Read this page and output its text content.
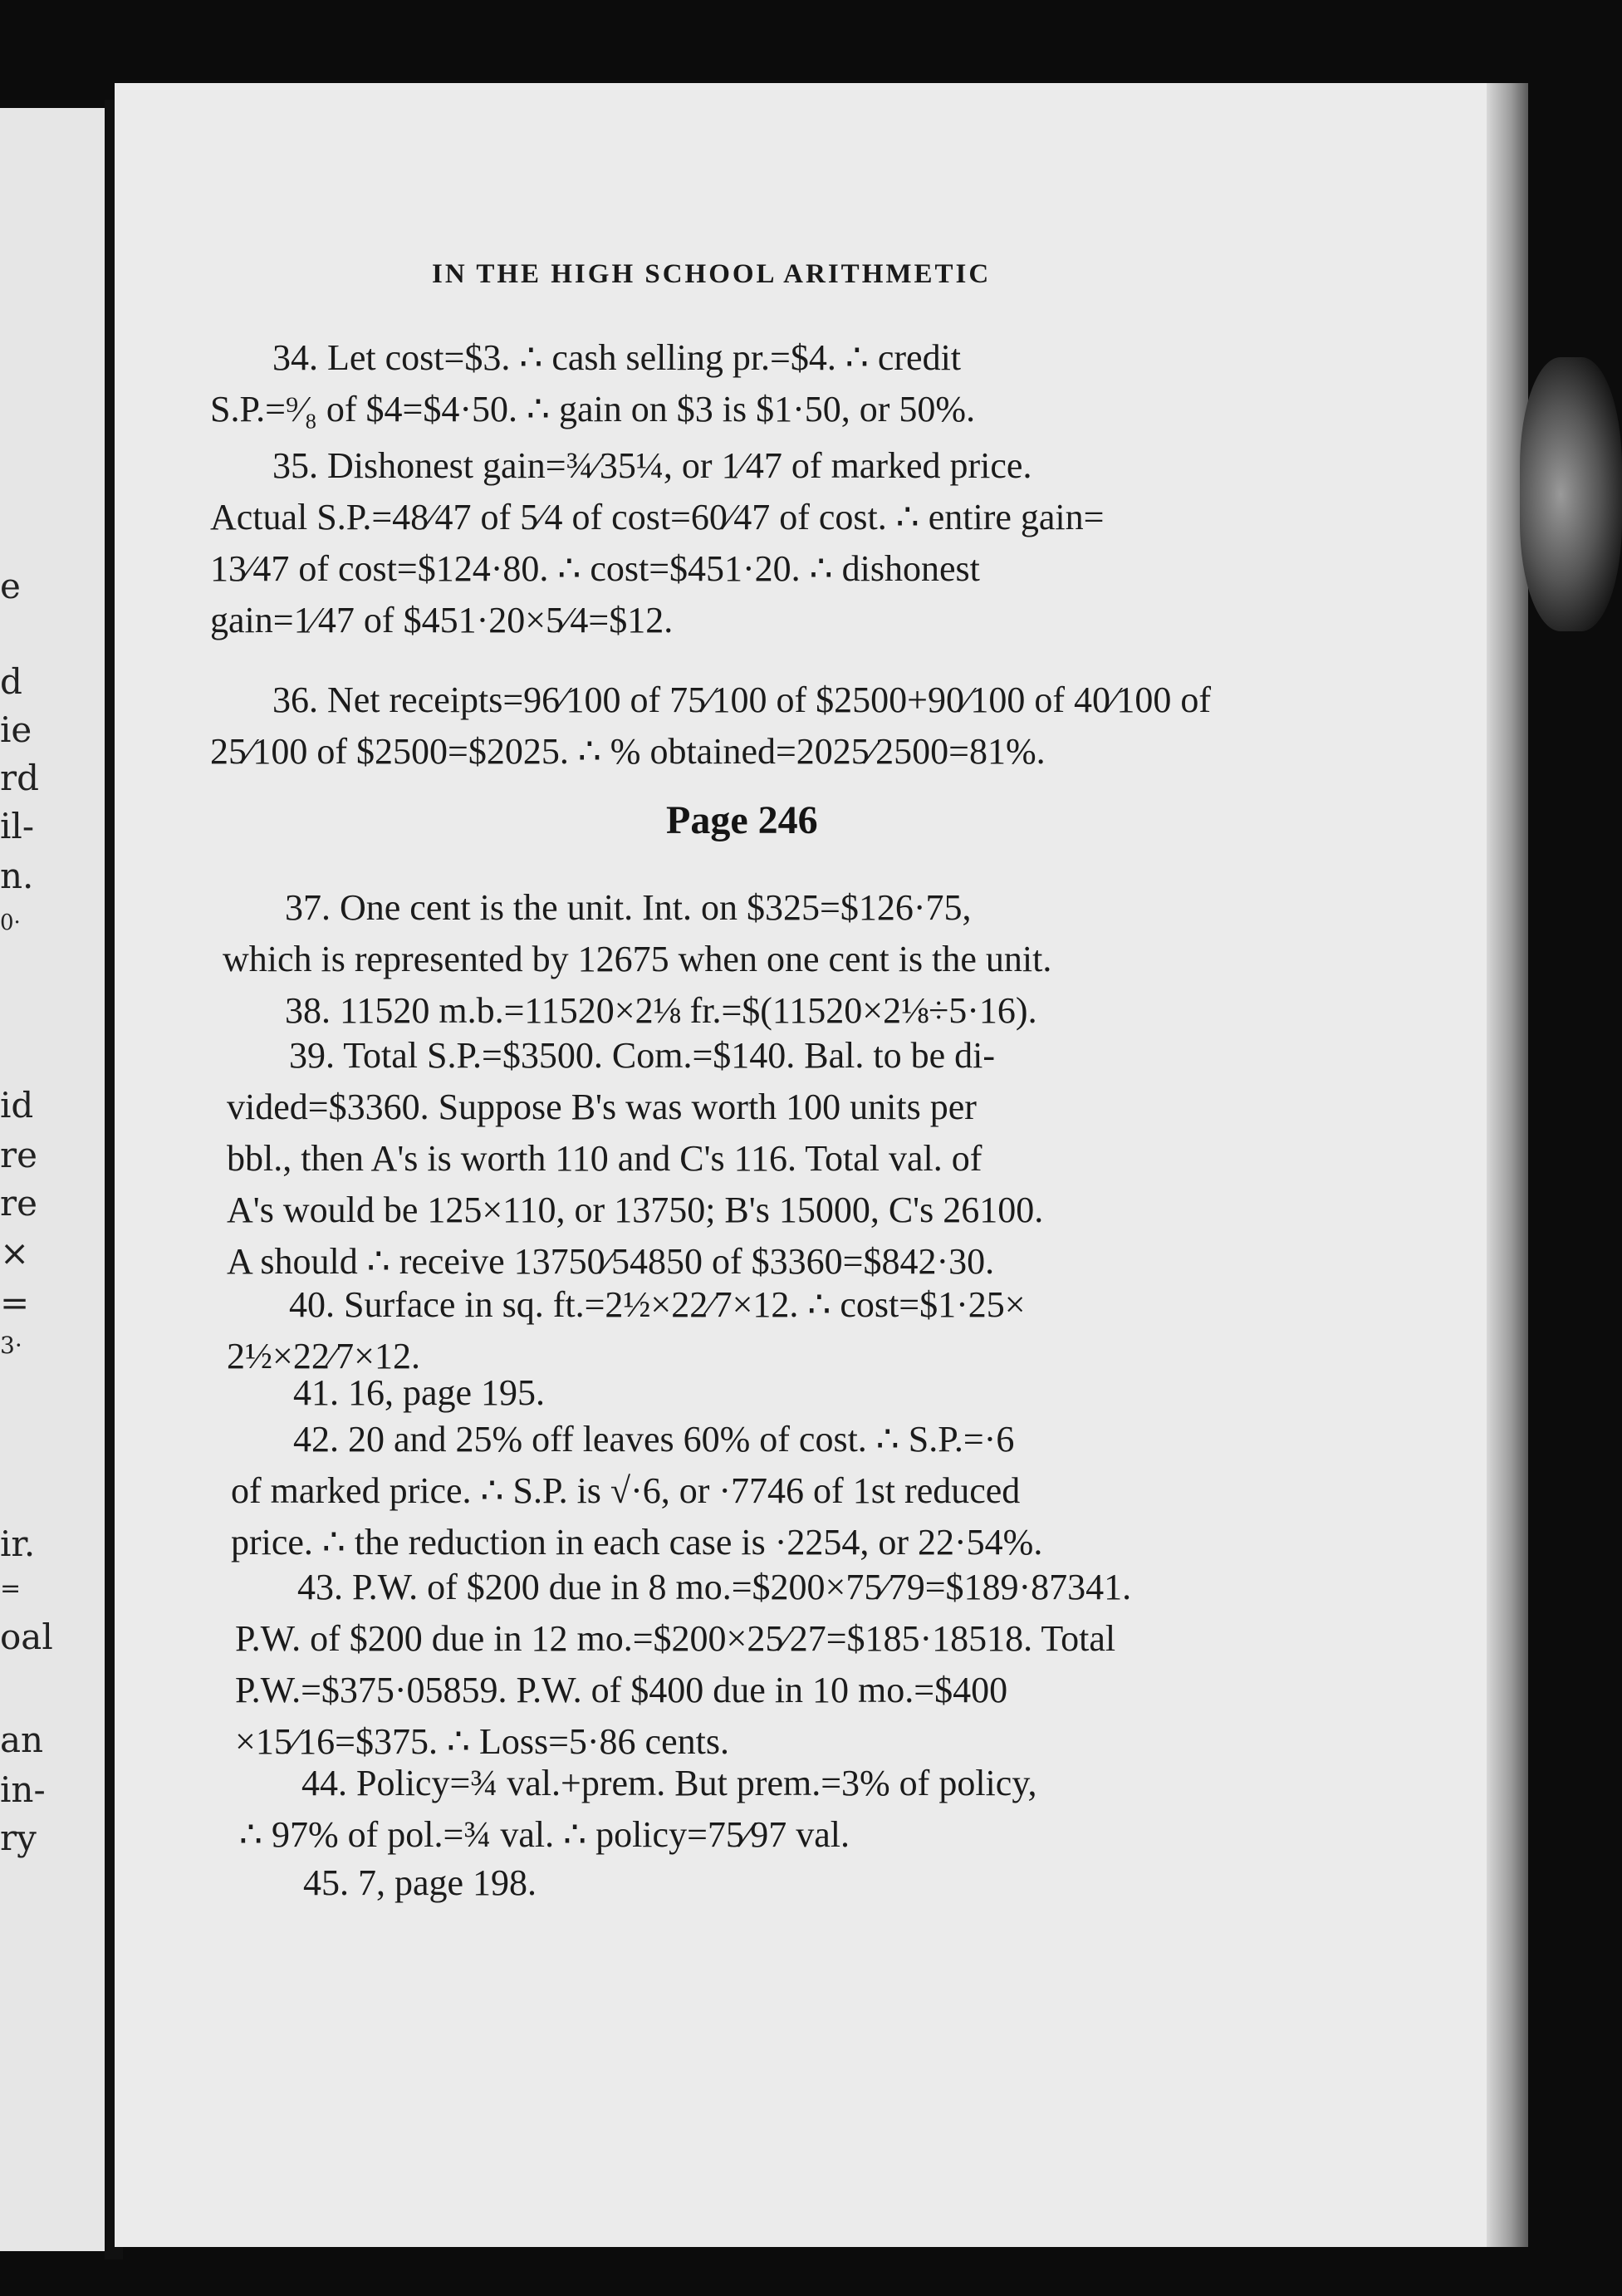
e
d
ie
rd
il-
n.
0·
id
re
re
×
=
3·
ir.
=
oal
an
in-
ry
IN THE HIGH SCHOOL ARITHMETIC
34. Let cost=$3. ∴ cash selling pr.=$4. ∴ credit
S.P.=⁹⁄₈ of $4=$4·50. ∴ gain on $3 is $1·50, or 50%.
35. Dishonest gain=¾⁄35¼, or 1⁄47 of marked price.
Actual S.P.=48⁄47 of 5⁄4 of cost=60⁄47 of cost. ∴ entire gain=
13⁄47 of cost=$124·80. ∴ cost=$451·20. ∴ dishonest
gain=1⁄47 of $451·20×5⁄4=$12.
36. Net receipts=96⁄100 of 75⁄100 of $2500+90⁄100 of 40⁄100 of
25⁄100 of $2500=$2025. ∴ % obtained=2025⁄2500=81%.
Page 246
37. One cent is the unit. Int. on $325=$126·75,
which is represented by 12675 when one cent is the unit.
38. 11520 m.b.=11520×2⅛ fr.=$(11520×2⅛÷5·16).
39. Total S.P.=$3500. Com.=$140. Bal. to be di-
vided=$3360. Suppose B's was worth 100 units per
bbl., then A's is worth 110 and C's 116. Total val. of
A's would be 125×110, or 13750; B's 15000, C's 26100.
A should ∴ receive 13750⁄54850 of $3360=$842·30.
40. Surface in sq. ft.=2½×22⁄7×12. ∴ cost=$1·25×
2½×22⁄7×12.
41. 16, page 195.
42. 20 and 25% off leaves 60% of cost. ∴ S.P.=·6
of marked price. ∴ S.P. is √·6, or ·7746 of 1st reduced
price. ∴ the reduction in each case is ·2254, or 22·54%.
43. P.W. of $200 due in 8 mo.=$200×75⁄79=$189·87341.
P.W. of $200 due in 12 mo.=$200×25⁄27=$185·18518. Total
P.W.=$375·05859. P.W. of $400 due in 10 mo.=$400
×15⁄16=$375. ∴ Loss=5·86 cents.
44. Policy=¾ val.+prem. But prem.=3% of policy,
∴ 97% of pol.=¾ val. ∴ policy=75⁄97 val.
45. 7, page 198.
